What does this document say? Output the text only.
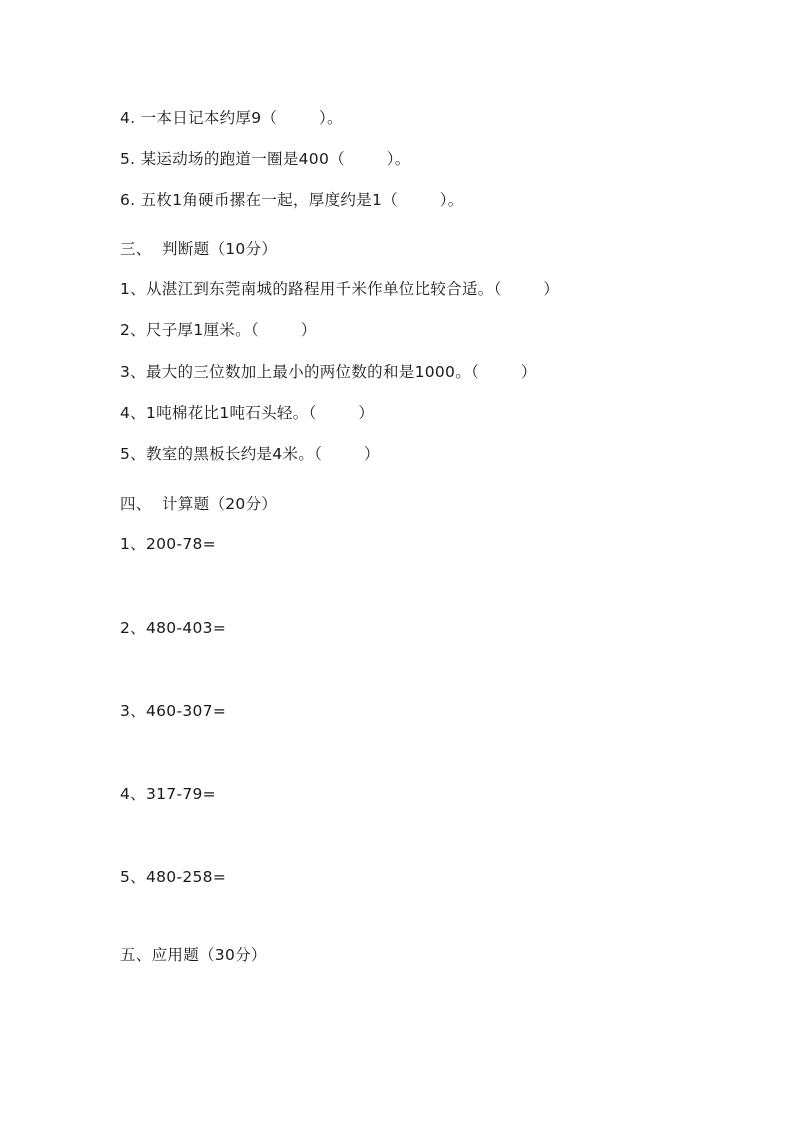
4. 一本日记本约厚9（        ）。
5. 某运动场的跑道一圈是400（        ）。
6. 五枚1角硬币摞在一起，厚度约是1（        ）。
三、  判断题（10分）
1、从湛江到东莞南城的路程用千米作单位比较合适。（        ）
2、尺子厚1厘米。（        ）
3、最大的三位数加上最小的两位数的和是1000。（        ）
4、1吨棉花比1吨石头轻。（        ）
5、教室的黑板长约是4米。（        ）
四、  计算题（20分）
1、200-78=
2、480-403=
3、460-307=
4、317-79=
5、480-258=
五、应用题（30分）
